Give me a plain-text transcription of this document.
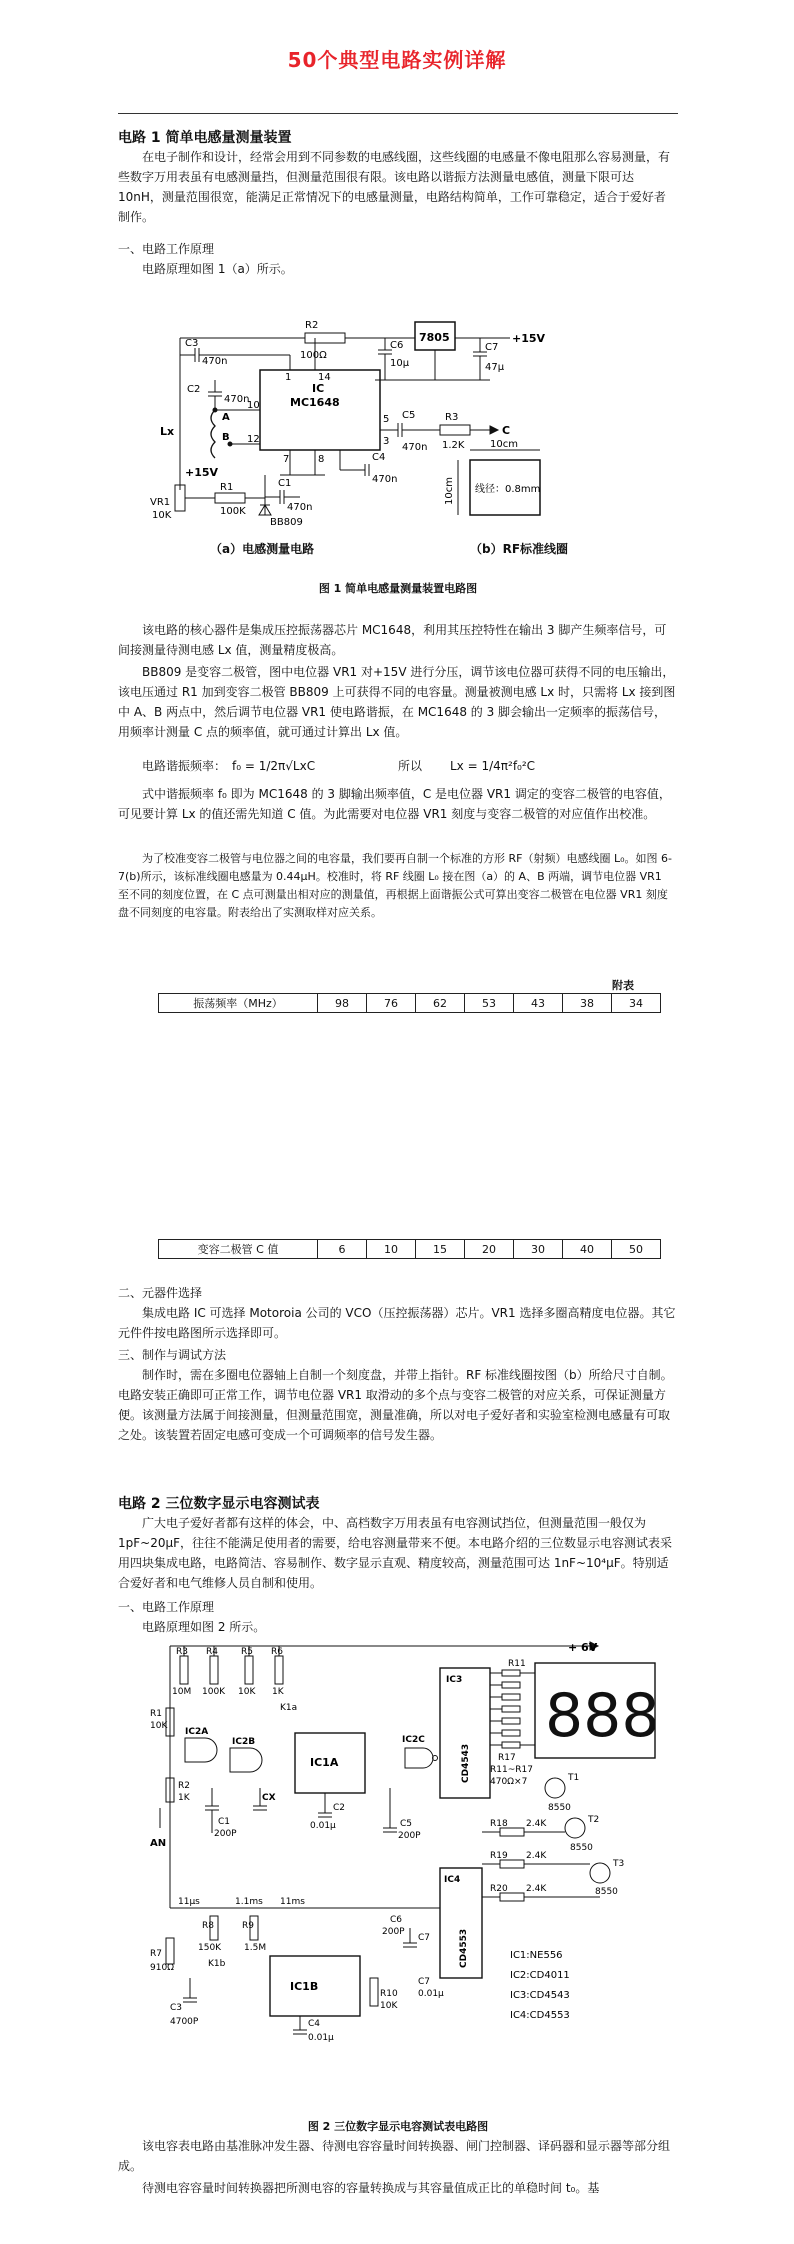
50个典型电路实例详解
电路 1 简单电感量测量装置
在电子制作和设计，经常会用到不同参数的电感线圈，这些线圈的电感量不像电阻那么容易测量，有些数字万用表虽有电感测量挡，但测量范围很有限。该电路以谐振方法测量电感值，测量下限可达 10nH，测量范围很宽，能满足正常情况下的电感量测量，电路结构简单，工作可靠稳定，适合于爱好者制作。
一、电路工作原理
电路原理如图 1（a）所示。
R2
100Ω
7805	+15V
C6
10μ
C7
47μ
C3
470n
C2
470n
IC
MC1648
1	14
10
12
7	8
5
3
Lx
A
B
C5
470n
R3
1.2K
C
+15V
R1
100K
C1
470n
VR1
10K
C4
470n
BB809
10cm
10cm 线径：0.8mm
（a）电感测量电路	（b）RF标准线圈
图 1 简单电感量测量装置电路图
该电路的核心器件是集成压控振荡器芯片 MC1648，利用其压控特性在输出 3 脚产生频率信号，可间接测量待测电感 Lx 值，测量精度极高。
BB809 是变容二极管，图中电位器 VR1 对+15V 进行分压，调节该电位器可获得不同的电压输出，该电压通过 R1 加到变容二极管 BB809 上可获得不同的电容量。测量被测电感 Lx 时，只需将 Lx 接到图中 A、B 两点中，然后调节电位器 VR1 使电路谐振，在 MC1648 的 3 脚会输出一定频率的振荡信号，用频率计测量 C 点的频率值，就可通过计算出 Lx 值。
电路谐振频率： f₀ = 1/2π√LxC	所以 Lx = 1/4π²f₀²C
式中谐振频率 f₀ 即为 MC1648 的 3 脚输出频率值，C 是电位器 VR1 调定的变容二极管的电容值，可见要计算 Lx 的值还需先知道 C 值。为此需要对电位器 VR1 刻度与变容二极管的对应值作出校准。
为了校准变容二极管与电位器之间的电容量，我们要再自制一个标准的方形 RF（射频）电感线圈 L₀。如图 6-7(b)所示，该标准线圈电感量为 0.44μH。校准时，将 RF 线圈 L₀ 接在图（a）的 A、B 两端，调节电位器 VR1 至不同的刻度位置，在 C 点可测量出相对应的测量值，再根据上面谐振公式可算出变容二极管在电位器 VR1 刻度盘不同刻度的电容量。附表给出了实测取样对应关系。
附表
振荡频率（MHz）	98	76	62	53	43	38	34
变容二极管 C 值	6	10	15	20	30	40	50
二、元器件选择
集成电路 IC 可选择 Motoroia 公司的 VCO（压控振荡器）芯片。VR1 选择多圈高精度电位器。其它元件件按电路图所示选择即可。
三、制作与调试方法
制作时，需在多圈电位器轴上自制一个刻度盘，并带上指针。RF 标准线圈按图（b）所给尺寸自制。电路安装正确即可正常工作，调节电位器 VR1 取滑动的多个点与变容二极管的对应关系，可保证测量方便。该测量方法属于间接测量，但测量范围宽，测量准确，所以对电子爱好者和实验室检测电感量有可取之处。该装置若固定电感可变成一个可调频率的信号发生器。
电路 2 三位数字显示电容测试表
广大电子爱好者都有这样的体会，中、高档数字万用表虽有电容测试挡位，但测量范围一般仅为 1pF~20μF，往往不能满足使用者的需要，给电容测量带来不便。本电路介绍的三位数显示电容测试表采用四块集成电路，电路简洁、容易制作、数字显示直观、精度较高，测量范围可达 1nF~10⁴μF。特别适合爱好者和电气维修人员自制和使用。
一、电路工作原理
电路原理如图 2 所示。
888
+ 6V
R3
10M
R4
100K
R5
10K
R6
1K
K1a
R1
10K
IC2A
IC2B
IC1A
IC2C
R2
1K
C1
200P
CX
AN
C2
0.01μ	C5
200P
IC3
CD4543
R11
R17
R11~R17
470Ω×7	T1
8550
T2
8550
T3
8550
R18 2.4K
R19 2.4K
R20 2.4K
IC4
CD4553
C6
200P
C7
C7
0.01μ
11μs	1.1ms 11ms
R8
150K
R9
1.5M
R7
910Ω	K1b
IC1B
C3
4700P	C4
0.01μ
R10
10K
IC1:NE556
IC2:CD4011
IC3:CD4543
IC4:CD4553
图 2 三位数字显示电容测试表电路图
该电容表电路由基准脉冲发生器、待测电容容量时间转换器、闸门控制器、译码器和显示器等部分组成。
待测电容容量时间转换器把所测电容的容量转换成与其容量值成正比的单稳时间 t₀。基
